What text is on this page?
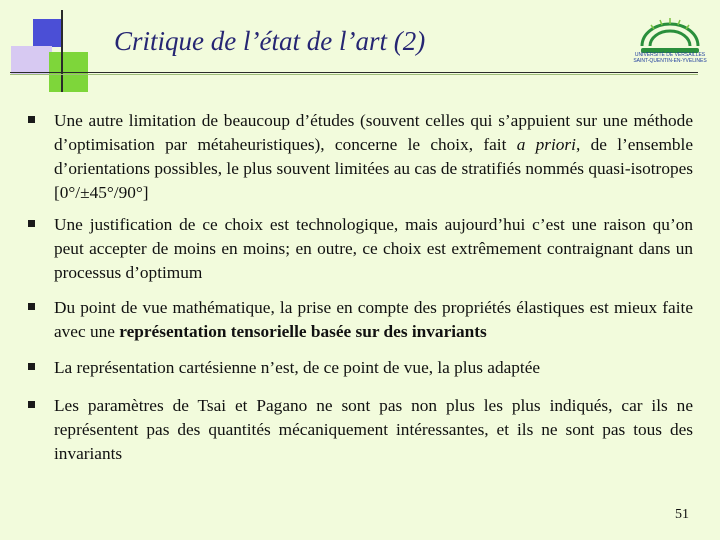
Critique de l’état de l’art (2)	UNIVERSITÉ DE VERSAILLES
SAINT-QUENTIN-EN-YVELINES
Une autre limitation de beaucoup d’études (souvent celles qui s’appuient sur une méthode d’optimisation par métaheuristiques), concerne le choix, fait a priori, de l’ensemble d’orientations possibles, le plus souvent limitées au cas de stratifiés nommés quasi-isotropes [0°/±45°/90°]
Une justification de ce choix est technologique, mais aujourd’hui c’est une raison qu’on peut accepter de moins en moins; en outre, ce choix est extrêmement contraignant dans un processus d’optimum
Du point de vue mathématique, la prise en compte des propriétés élastiques est mieux faite avec une représentation tensorielle basée sur des invariants
La représentation cartésienne n’est, de ce point de vue, la plus adaptée
Les paramètres de Tsai et Pagano ne sont pas non plus les plus indiqués, car ils ne représentent pas des quantités mécaniquement intéressantes, et ils ne sont pas tous des invariants
51
